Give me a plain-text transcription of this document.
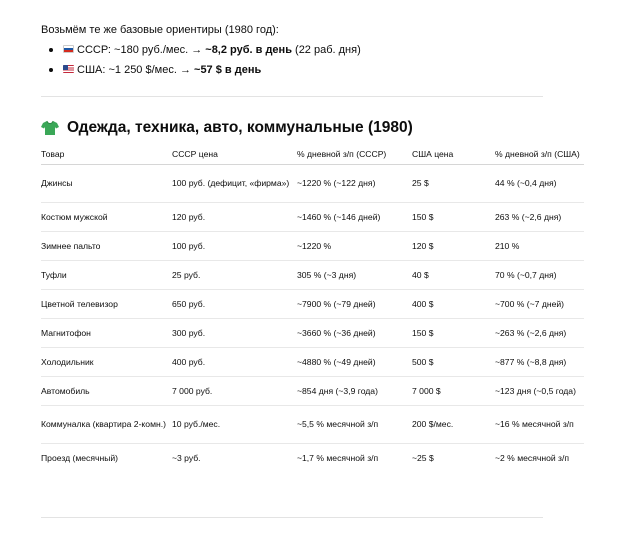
Возьмём те же базовые ориентиры (1980 год):
СССР: ~180 руб./мес. → ~8,2 руб. в день (22 раб. дня)
США: ~1 250 $/мес. → ~57 $ в день
Одежда, техника, авто, коммунальные (1980)
Товар	СССР цена	% дневной з/п (СССР)	США цена	% дневной з/п (США)
Джинсы	100 руб. (дефицит, «фирма»)	~1220 % (~122 дня)	25 $	44 % (~0,4 дня)
Костюм мужской	120 руб.	~1460 % (~146 дней)	150 $	263 % (~2,6 дня)
Зимнее пальто	100 руб.	~1220 %	120 $	210 %
Туфли	25 руб.	305 % (~3 дня)	40 $	70 % (~0,7 дня)
Цветной телевизор	650 руб.	~7900 % (~79 дней)	400 $	~700 % (~7 дней)
Магнитофон	300 руб.	~3660 % (~36 дней)	150 $	~263 % (~2,6 дня)
Холодильник	400 руб.	~4880 % (~49 дней)	500 $	~877 % (~8,8 дня)
Автомобиль	7 000 руб.	~854 дня (~3,9 года)	7 000 $	~123 дня (~0,5 года)
Коммуналка (квартира 2-комн.)	10 руб./мес.	~5,5 % месячной з/п	200 $/мес.	~16 % месячной з/п
Проезд (месячный)	~3 руб.	~1,7 % месячной з/п	~25 $	~2 % месячной з/п
